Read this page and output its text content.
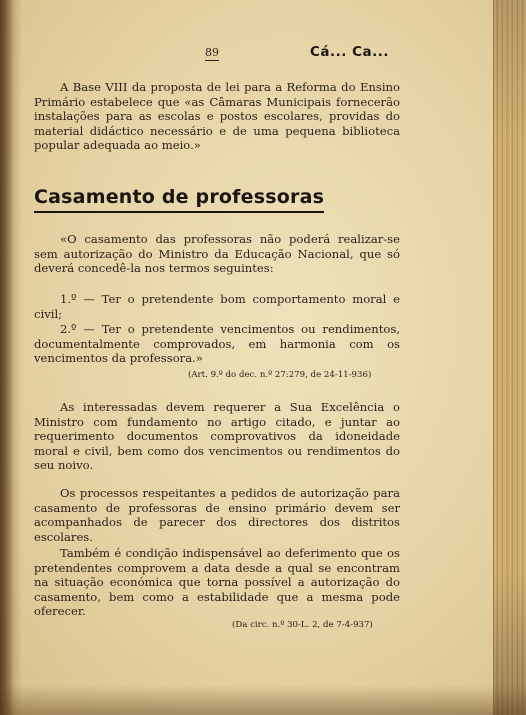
89	Cá... Ca...

A Base VIII da proposta de lei para a Reforma do Ensino Primário estabelece que «as Câmaras Municipais fornecerão instalações para as escolas e postos escolares, providas do material didáctico necessário e de uma pequena biblioteca popular adequada ao meio.»

Casamento de professoras

«O casamento das professoras não poderá realizar-se sem autorização do Ministro da Educação Nacional, que só deverá concedê-la nos termos seguintes:

1.º — Ter o pretendente bom comportamento moral e civil;

2.º — Ter o pretendente vencimentos ou rendimentos, documentalmente comprovados, em harmonia com os vencimentos da professora.»

(Art. 9.º do dec. n.º 27:279, de 24-11-936)

As interessadas devem requerer a Sua Excelência o Ministro com fundamento no artigo citado, e juntar ao requerimento documentos comprovativos da idoneidade moral e civil, bem como dos vencimentos ou rendimentos do seu noivo.

Os processos respeitantes a pedidos de autorização para casamento de professoras de ensino primário devem ser acompanhados de parecer dos directores dos distritos escolares.

Também é condição indispensável ao deferimento que os pretendentes comprovem a data desde a qual se encontram na situação económica que torna possível a autorização do casamento, bem como a estabilidade que a mesma pode oferecer.

(Da circ. n.º 30-L. 2, de 7-4-937)
